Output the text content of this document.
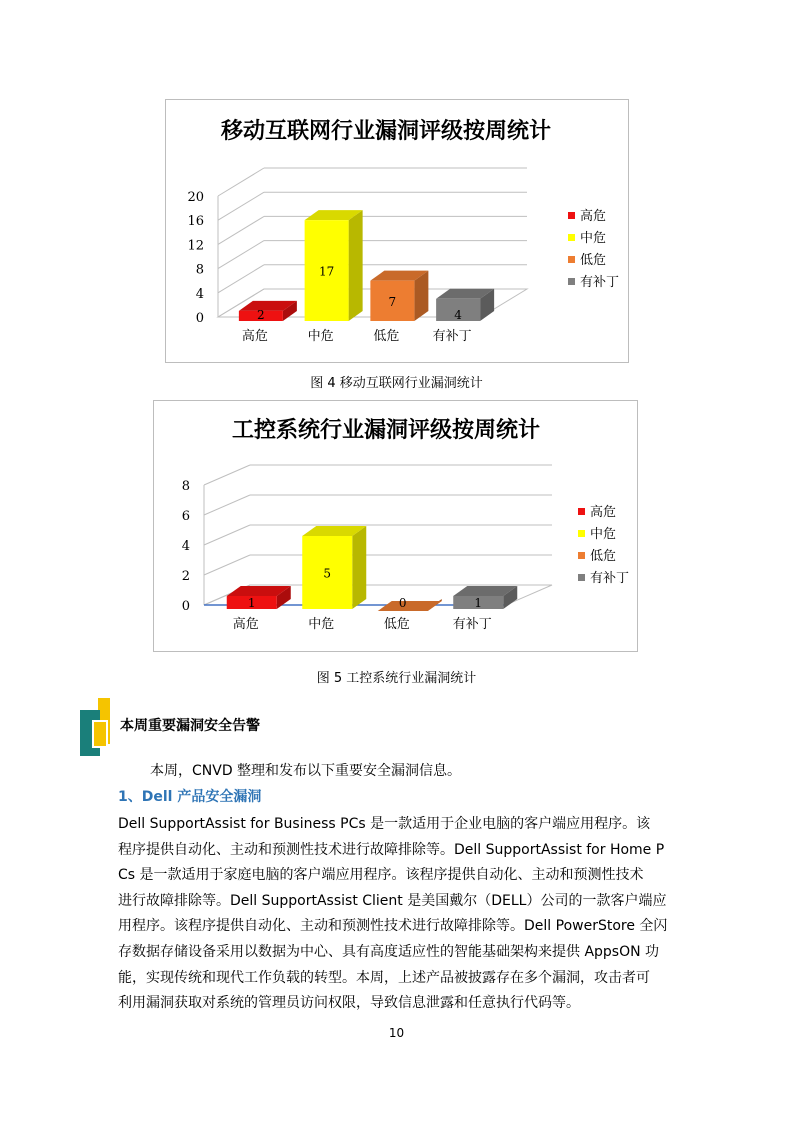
移动互联网行业漏洞评级按周统计
0
4
8
12
16
20
2
高危
17
中危
7
低危
4
有补丁
高危
中危
低危
有补丁
图 4 移动互联网行业漏洞统计
工控系统行业漏洞评级按周统计
0
2
4
6
8
1
高危
5
中危
0
低危
1
有补丁
高危
中危
低危
有补丁
图 5 工控系统行业漏洞统计
本周重要漏洞安全告警
本周，CNVD 整理和发布以下重要安全漏洞信息。
1、Dell 产品安全漏洞
Dell SupportAssist for Business PCs 是一款适用于企业电脑的客户端应用程序。该
程序提供自动化、主动和预测性技术进行故障排除等。Dell SupportAssist for Home P
Cs 是一款适用于家庭电脑的客户端应用程序。该程序提供自动化、主动和预测性技术
进行故障排除等。Dell SupportAssist Client 是美国戴尔（DELL）公司的一款客户端应
用程序。该程序提供自动化、主动和预测性技术进行故障排除等。Dell PowerStore 全闪
存数据存储设备采用以数据为中心、具有高度适应性的智能基础架构来提供 AppsON 功
能，实现传统和现代工作负载的转型。本周，上述产品被披露存在多个漏洞，攻击者可
利用漏洞获取对系统的管理员访问权限，导致信息泄露和任意执行代码等。
10
